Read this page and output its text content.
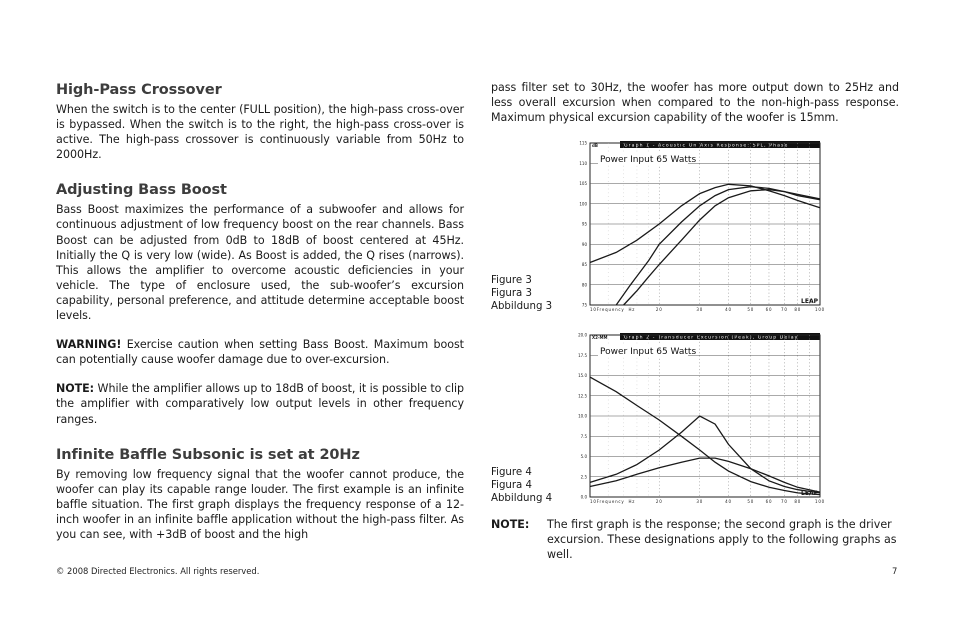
High-Pass Crossover

When the switch is to the center (FULL position), the high-pass cross-over is bypassed. When the switch is to the right, the high-pass cross-over is active. The high-pass crossover is continuously variable from 50Hz to 2000Hz.

Adjusting Bass Boost

Bass Boost maximizes the performance of a subwoofer and allows for continuous adjustment of low frequency boost on the rear channels. Bass Boost can be adjusted from 0dB to 18dB of boost centered at 45Hz. Initially the Q is very low (wide). As Boost is added, the Q rises (narrows). This allows the amplifier to overcome acoustic deficiencies in your vehicle. The type of enclosure used, the sub-woofer’s excursion capability, personal preference, and attitude determine acceptable boost levels.

WARNING! Exercise caution when setting Bass Boost. Maximum boost can potentially cause woofer damage due to over-excursion.

NOTE: While the amplifier allows up to 18dB of boost, it is possible to clip the amplifier with comparatively low output levels in other frequency ranges.

Infinite Baffle Subsonic is set at 20Hz

By removing low frequency signal that the woofer cannot produce, the woofer can play its capable range louder. The first example is an infinite baffle situation. The first graph displays the frequency response of a 12-inch woofer in an infinite baffle application without the high-pass filter. As you can see, with +3dB of boost and the high

pass filter set to 30Hz, the woofer has more output down to 25Hz and less overall excursion when compared to the non-high-pass response. Maximum physical excursion capability of the woofer is 15mm.

Figure 3
Figura 3
Abbildung 3
Figure 4
Figura 4
Abbildung 4
Graph 1 - Acoustic On Axis Response: SPL, Phase
115
110
105
100
95
90
85
80
75
dB
10 Frequency Hz	20	30	40	50	60 70 80	100
Power Input 65 Watts
LEAP
Graph 2 - Transducer Excursion (Peak), Group Delay
20.0
17.5
15.0
12.5
10.0
7.5
5.0
2.5
0.0
X2-MM
10 Frequency Hz	20	30	40	50	60 70 80	100
Power Input 65 Watts
LEAP
NOTE: The first graph is the response; the second graph is the driver excursion. These designations apply to the following graphs as well.
© 2008 Directed Electronics. All rights reserved.	7
